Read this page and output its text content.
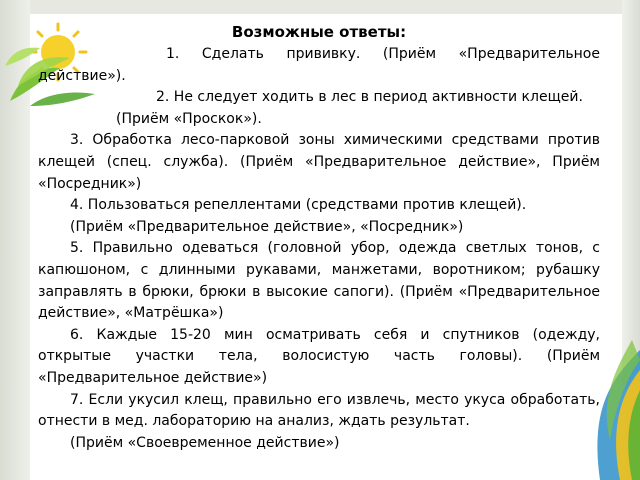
Возможные ответы:

1. Сделать прививку. (Приём «Предварительное действие»).

2. Не следует ходить в лес в период активности клещей.

(Приём «Проскок»).

3. Обработка лесо-парковой зоны химическими средствами против клещей (спец. служба). (Приём «Предварительное действие», Приём «Посредник»)

4. Пользоваться репеллентами (средствами против клещей).

(Приём «Предварительное действие», «Посредник»)

5. Правильно одеваться (головной убор, одежда светлых тонов, с капюшоном, с длинными рукавами, манжетами, воротником; рубашку заправлять в брюки, брюки в высокие сапоги). (Приём «Предварительное действие», «Матрёшка»)

6. Каждые 15-20 мин осматривать себя и спутников (одежду, открытые участки тела, волосистую часть головы). (Приём «Предварительное действие»)

7. Если укусил клещ, правильно его извлечь, место укуса обработать, отнести в мед. лабораторию на анализ, ждать результат.

(Приём «Своевременное действие»)
